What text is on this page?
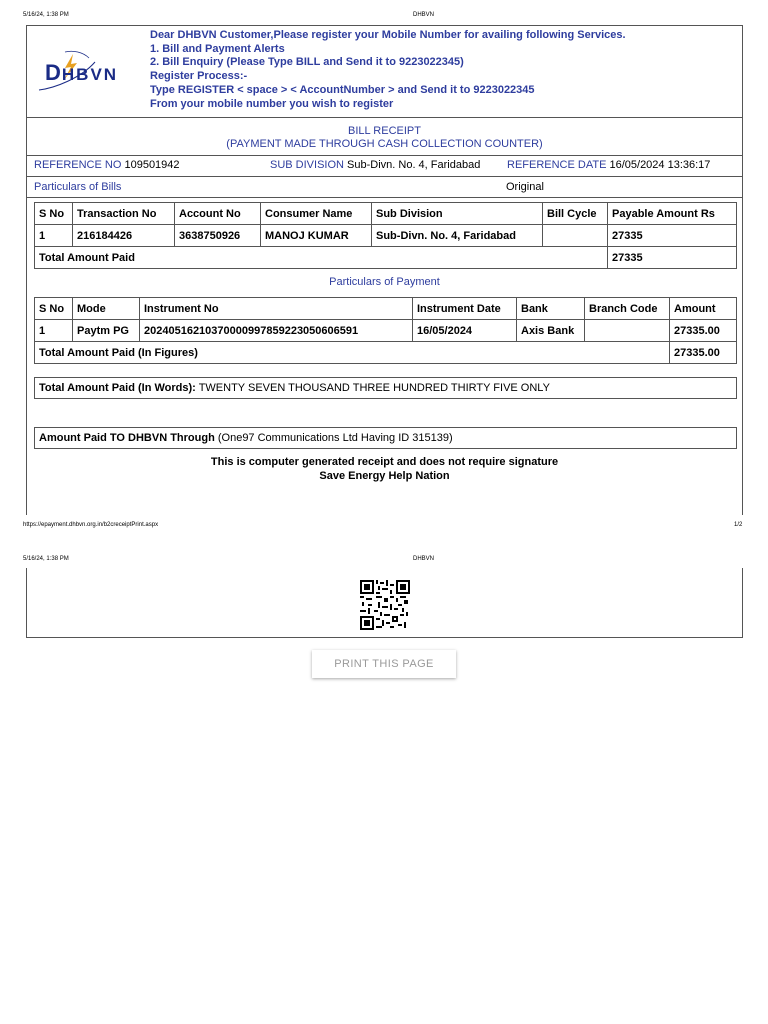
5/16/24, 1:38 PM	DHBVN
DHBVN
Dear DHBVN Customer,Please register your Mobile Number for availing following Services.
1. Bill and Payment Alerts
2. Bill Enquiry (Please Type BILL and Send it to 9223022345)
Register Process:-
Type REGISTER < space > < AccountNumber > and Send it to 9223022345
From your mobile number you wish to register
BILL RECEIPT
(PAYMENT MADE THROUGH CASH COLLECTION COUNTER)
REFERENCE NO 109501942	SUB DIVISION Sub-Divn. No. 4, Faridabad REFERENCE DATE 16/05/2024 13:36:17
Particulars of Bills	Original
S No	Transaction No	Account No	Consumer Name	Sub Division	Bill Cycle	Payable Amount Rs
1	216184426	3638750926	MANOJ KUMAR	Sub-Divn. No. 4, Faridabad		27335
Total Amount Paid						27335
Particulars of Payment
S No	Mode	Instrument No	Instrument Date	Bank	Branch Code	Amount
1	Paytm PG	20240516210370000997859223050606591	16/05/2024	Axis Bank		27335.00
Total Amount Paid (In Figures)						27335.00
Total Amount Paid (In Words): TWENTY SEVEN THOUSAND THREE HUNDRED THIRTY FIVE ONLY
Amount Paid TO DHBVN Through (One97 Communications Ltd Having ID 315139)
This is computer generated receipt and does not require signature
Save Energy Help Nation
https://epayment.dhbvn.org.in/b2creceiptPrint.aspx	1/2
5/16/24, 1:38 PM	DHBVN
PRINT THIS PAGE
